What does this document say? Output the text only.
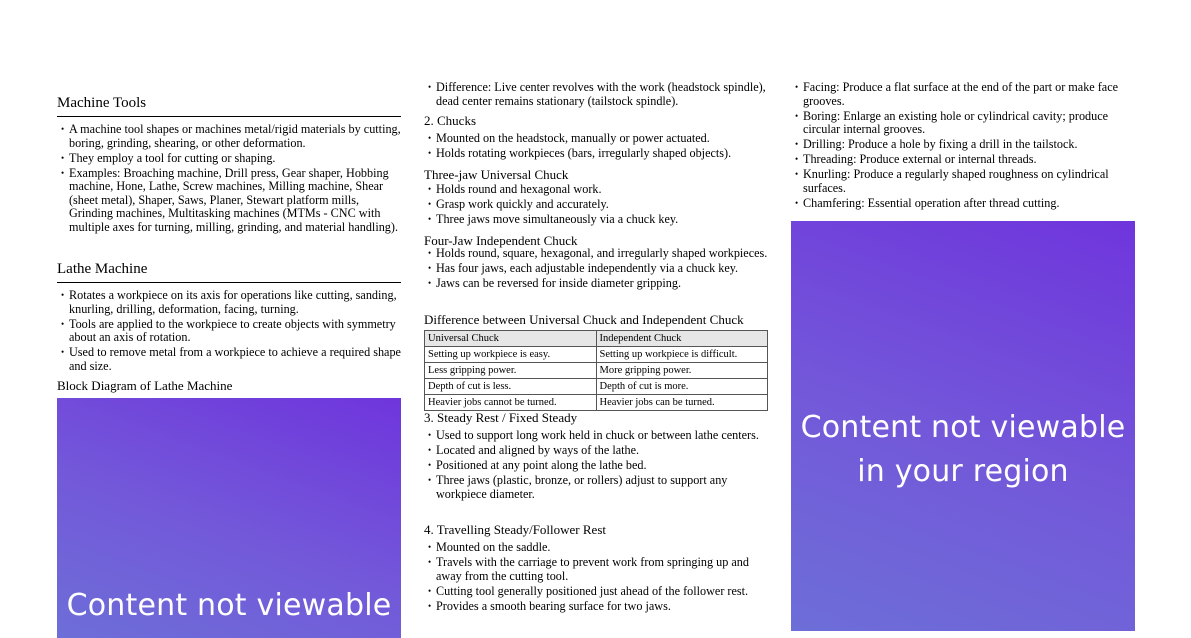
Machine Tools
• A machine tool shapes or machines metal/rigid materials by cutting, boring, grinding, shearing, or other deformation.
• They employ a tool for cutting or shaping.
• Examples: Broaching machine, Drill press, Gear shaper, Hobbing machine, Hone, Lathe, Screw machines, Milling machine, Shear (sheet metal), Shaper, Saws, Planer, Stewart platform mills, Grinding machines, Multitasking machines (MTMs - CNC with multiple axes for turning, milling, grinding, and material handling).
Lathe Machine
• Rotates a workpiece on its axis for operations like cutting, sanding, knurling, drilling, deformation, facing, turning.
• Tools are applied to the workpiece to create objects with symmetry about an axis of rotation.
• Used to remove metal from a workpiece to achieve a required shape and size.
Block Diagram of Lathe Machine
Content not viewable
• Difference: Live center revolves with the work (headstock spindle), dead center remains stationary (tailstock spindle).
2. Chucks
• Mounted on the headstock, manually or power actuated.
• Holds rotating workpieces (bars, irregularly shaped objects).
Three-jaw Universal Chuck
• Holds round and hexagonal work.
• Grasp work quickly and accurately.
• Three jaws move simultaneously via a chuck key.
Four-Jaw Independent Chuck
• Holds round, square, hexagonal, and irregularly shaped workpieces.
• Has four jaws, each adjustable independently via a chuck key.
• Jaws can be reversed for inside diameter gripping.
Difference between Universal Chuck and Independent Chuck
Universal Chuck	Independent Chuck
Setting up workpiece is easy.	Setting up workpiece is difficult.
Less gripping power.	More gripping power.
Depth of cut is less.	Depth of cut is more.
Heavier jobs cannot be turned.	Heavier jobs can be turned.
3. Steady Rest / Fixed Steady
• Used to support long work held in chuck or between lathe centers.
• Located and aligned by ways of the lathe.
• Positioned at any point along the lathe bed.
• Three jaws (plastic, bronze, or rollers) adjust to support any workpiece diameter.
4. Travelling Steady/Follower Rest
• Mounted on the saddle.
• Travels with the carriage to prevent work from springing up and away from the cutting tool.
• Cutting tool generally positioned just ahead of the follower rest.
• Provides a smooth bearing surface for two jaws.
• Facing: Produce a flat surface at the end of the part or make face grooves.
• Boring: Enlarge an existing hole or cylindrical cavity; produce circular internal grooves.
• Drilling: Produce a hole by fixing a drill in the tailstock.
• Threading: Produce external or internal threads.
• Knurling: Produce a regularly shaped roughness on cylindrical surfaces.
• Chamfering: Essential operation after thread cutting.
Content not viewable
in your region
